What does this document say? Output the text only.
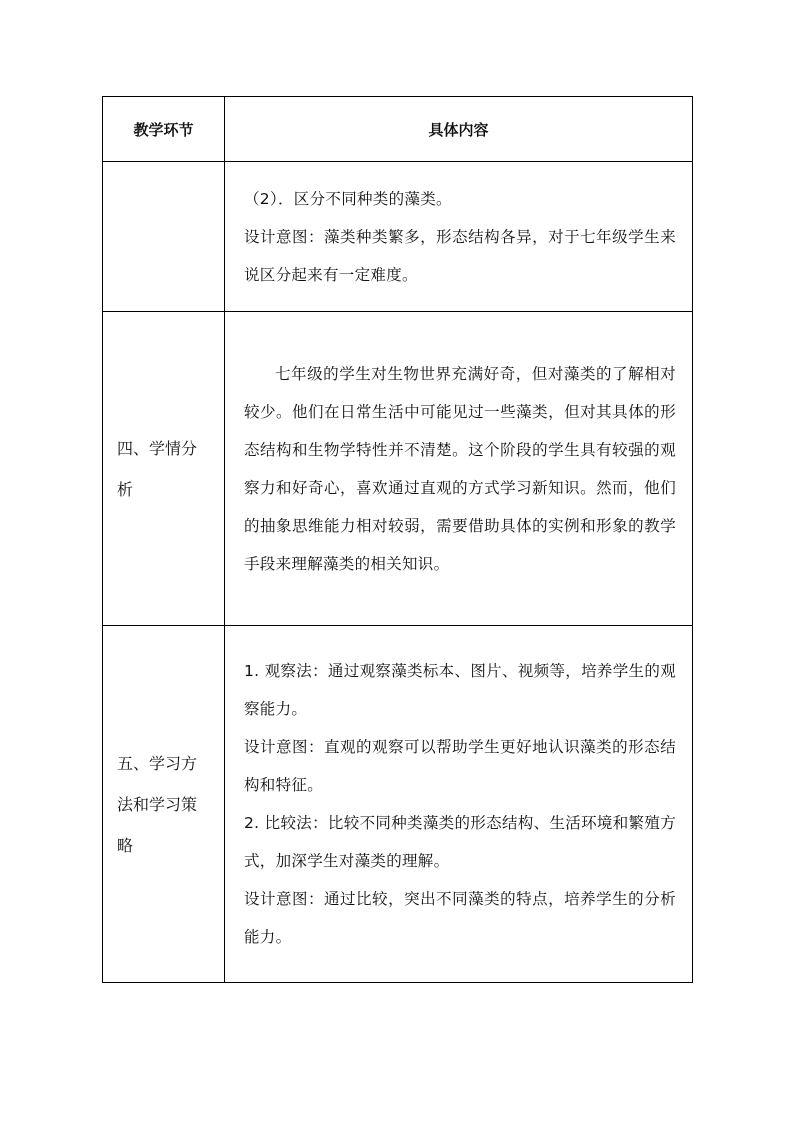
教学环节	具体内容

	（2）．区分不同种类的藻类。

设计意图：藻类种类繁多，形态结构各异，对于七年级学生来说区分起来有一定难度。

四、学情分析	七年级的学生对生物世界充满好奇，但对藻类的了解相对较少。他们在日常生活中可能见过一些藻类，但对其具体的形态结构和生物学特性并不清楚。这个阶段的学生具有较强的观察力和好奇心，喜欢通过直观的方式学习新知识。然而，他们的抽象思维能力相对较弱，需要借助具体的实例和形象的教学手段来理解藻类的相关知识。

五、学习方法和学习策略	1. 观察法：通过观察藻类标本、图片、视频等，培养学生的观察能力。

设计意图：直观的观察可以帮助学生更好地认识藻类的形态结构和特征。

2. 比较法：比较不同种类藻类的形态结构、生活环境和繁殖方式，加深学生对藻类的理解。

设计意图：通过比较，突出不同藻类的特点，培养学生的分析能力。
